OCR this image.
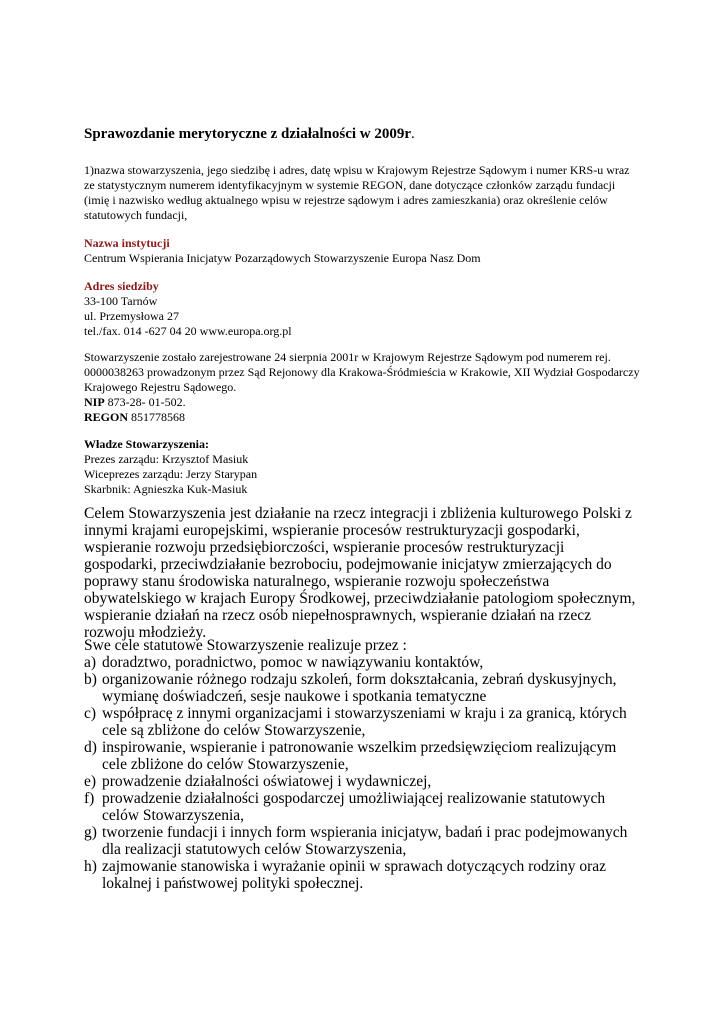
Sprawozdanie merytoryczne z działalności w 2009r.

1)nazwa stowarzyszenia, jego siedzibę i adres, datę wpisu w Krajowym Rejestrze Sądowym i numer KRS-u wraz ze statystycznym numerem identyfikacyjnym w systemie REGON, dane dotyczące członków zarządu fundacji (imię i nazwisko według aktualnego wpisu w rejestrze sądowym i adres zamieszkania) oraz określenie celów statutowych fundacji,

Nazwa instytucji
Centrum Wspierania Inicjatyw Pozarządowych Stowarzyszenie Europa Nasz Dom
Adres siedziby
33-100 Tarnów
ul. Przemysłowa 27
tel./fax. 014 -627 04 20 www.europa.org.pl

Stowarzyszenie zostało zarejestrowane 24 sierpnia 2001r w Krajowym Rejestrze Sądowym pod numerem rej. 0000038263 prowadzonym przez Sąd Rejonowy dla Krakowa-Śródmieścia w Krakowie, XII Wydział Gospodarczy Krajowego Rejestru Sądowego.

NIP 873-28- 01-502.
REGON 851778568
Władze Stowarzyszenia:
Prezes zarządu: Krzysztof Masiuk
Wiceprezes zarządu: Jerzy Starypan
Skarbnik: Agnieszka Kuk-Masiuk

Celem Stowarzyszenia jest działanie na rzecz integracji i zbliżenia kulturowego Polski z innymi krajami europejskimi, wspieranie procesów restrukturyzacji gospodarki, wspieranie rozwoju przedsiębiorczości, wspieranie procesów restrukturyzacji gospodarki, przeciwdziałanie bezrobociu, podejmowanie inicjatyw zmierzających do poprawy stanu środowiska naturalnego, wspieranie rozwoju społeczeństwa obywatelskiego w krajach Europy Środkowej, przeciwdziałanie patologiom społecznym, wspieranie działań na rzecz osób niepełnosprawnych, wspieranie działań na rzecz rozwoju młodzieży.

Swe cele statutowe Stowarzyszenie realizuje przez :

a) doradztwo, poradnictwo, pomoc w nawiązywaniu kontaktów,
b) organizowanie różnego rodzaju szkoleń, form dokształcania, zebrań dyskusyjnych, wymianę doświadczeń, sesje naukowe i spotkania tematyczne
c) współpracę z innymi organizacjami i stowarzyszeniami w kraju i za granicą, których cele są zbliżone do celów Stowarzyszenie,
d) inspirowanie, wspieranie i patronowanie wszelkim przedsięwzięciom realizującym cele zbliżone do celów Stowarzyszenie,
e) prowadzenie działalności oświatowej i wydawniczej,
f) prowadzenie działalności gospodarczej umożliwiającej realizowanie statutowych celów Stowarzyszenia,
g) tworzenie fundacji i innych form wspierania inicjatyw, badań i prac podejmowanych dla realizacji statutowych celów Stowarzyszenia,
h) zajmowanie stanowiska i wyrażanie opinii w sprawach dotyczących rodziny oraz lokalnej i państwowej polityki społecznej.
